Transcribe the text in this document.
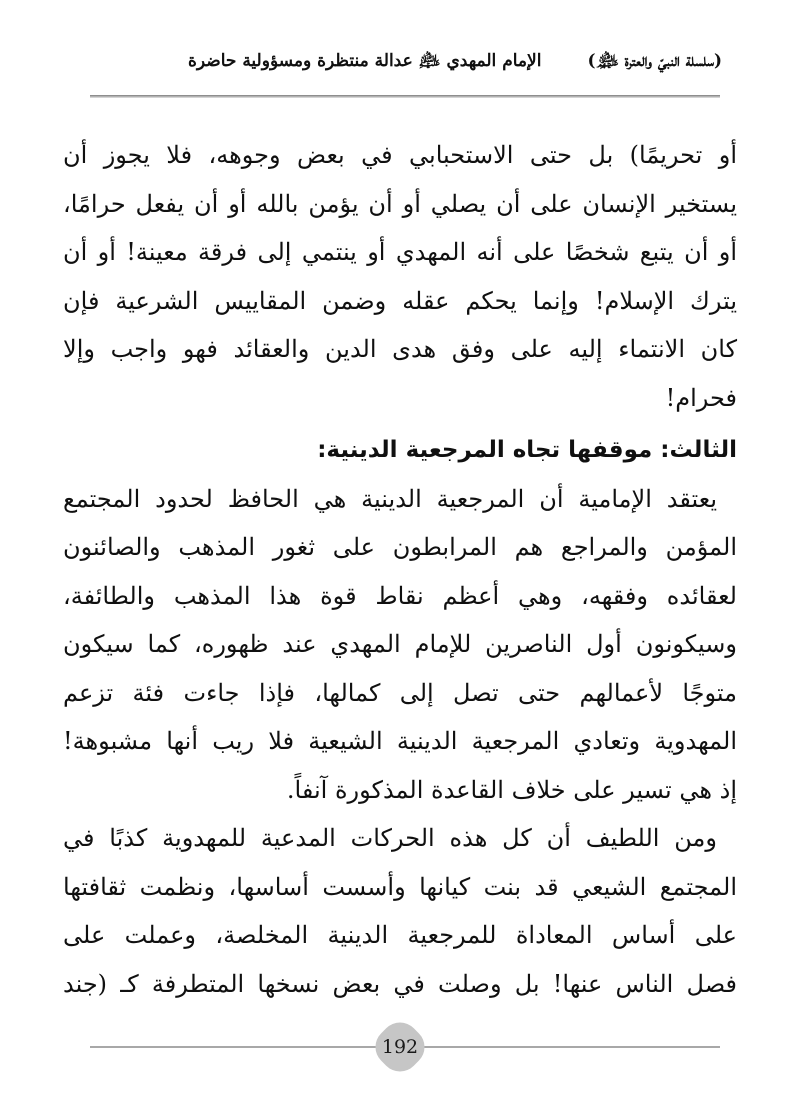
(سلسلة النبيّ والعترة ﵈)
الإمام المهدي ﵇ عدالة منتظرة ومسؤولية حاضرة
أو تحريمًا) بل حتى الاستحبابي في بعض وجوهه، فلا يجوز أن
يستخير الإنسان على أن يصلي أو أن يؤمن بالله أو أن يفعل حرامًا،
أو أن يتبع شخصًا على أنه المهدي أو ينتمي إلى فرقة معينة! أو أن
يترك الإسلام! وإنما يحكم عقله وضمن المقاييس الشرعية فإن
كان الانتماء إليه على وفق هدى الدين والعقائد فهو واجب وإلا
فحرام!
الثالث: موقفها تجاه المرجعية الدينية:
يعتقد الإمامية أن المرجعية الدينية هي الحافظ لحدود المجتمع
المؤمن والمراجع هم المرابطون على ثغور المذهب والصائنون
لعقائده وفقهه، وهي أعظم نقاط قوة هذا المذهب والطائفة،
وسيكونون أول الناصرين للإمام المهدي عند ظهوره، كما سيكون
متوجًا لأعمالهم حتى تصل إلى كمالها، فإذا جاءت فئة تزعم
المهدوية وتعادي المرجعية الدينية الشيعية فلا ريب أنها مشبوهة!
إذ هي تسير على خلاف القاعدة المذكورة آنفاً.
ومن اللطيف أن كل هذه الحركات المدعية للمهدوية كذبًا في
المجتمع الشيعي قد بنت كيانها وأسست أساسها، ونظمت ثقافتها
على أساس المعاداة للمرجعية الدينية المخلصة، وعملت على
فصل الناس عنها! بل وصلت في بعض نسخها المتطرفة كـ (جند
192
